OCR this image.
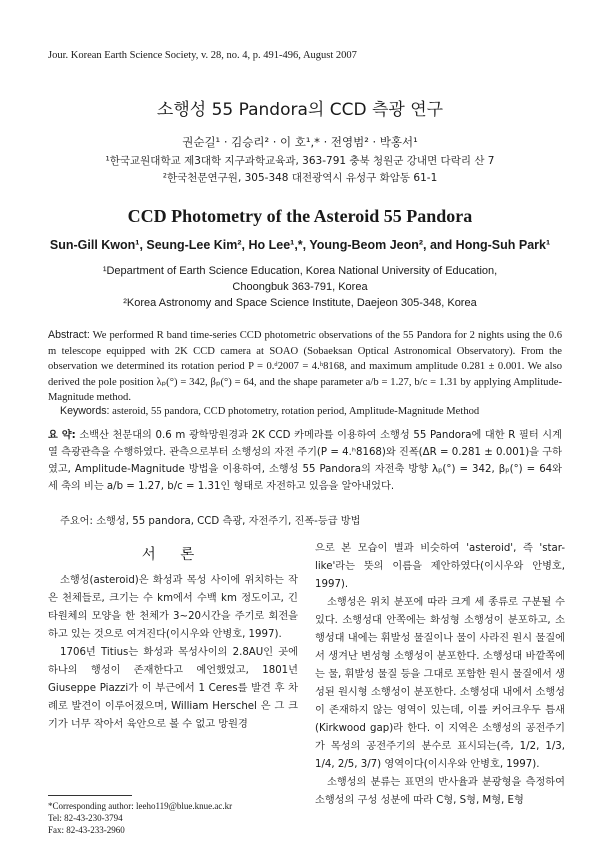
Jour. Korean Earth Science Society, v. 28, no. 4, p. 491-496, August 2007
소행성 55 Pandora의 CCD 측광 연구
권순길¹ · 김승리² · 이 호¹,* · 전영범² · 박홍서¹
¹한국교원대학교 제3대학 지구과학교육과, 363-791 충북 청원군 강내면 다락리 산 7
²한국천문연구원, 305-348 대전광역시 유성구 화암동 61-1
CCD Photometry of the Asteroid 55 Pandora
Sun-Gill Kwon¹, Seung-Lee Kim², Ho Lee¹,*, Young-Beom Jeon², and Hong-Suh Park¹
¹Department of Earth Science Education, Korea National University of Education,
Choongbuk 363-791, Korea
²Korea Astronomy and Space Science Institute, Daejeon 305-348, Korea
Abstract: We performed R band time-series CCD photometric observations of the 55 Pandora for 2 nights using the 0.6 m telescope equipped with 2K CCD camera at SOAO (Sobaeksan Optical Astronomical Observatory). From the observation we determined its rotation period P = 0.ᵈ2007 = 4.ʰ8168, and maximum amplitude 0.281 ± 0.001. We also derived the pole position λₚ(°) = 342, βₚ(°) = 64, and the shape parameter a/b = 1.27, b/c = 1.31 by applying Amplitude-Magnitude method.
Keywords: asteroid, 55 pandora, CCD photometry, rotation period, Amplitude-Magnitude Method
요 약: 소백산 천문대의 0.6 m 광학망원경과 2K CCD 카메라를 이용하여 소행성 55 Pandora에 대한 R 필터 시계열 측광관측을 수행하였다. 관측으로부터 소행성의 자전 주기(P = 4.ʰ8168)와 진폭(ΔR = 0.281 ± 0.001)을 구하였고, Amplitude-Magnitude 방법을 이용하여, 소행성 55 Pandora의 자전축 방향 λₚ(°) = 342, βₚ(°) = 64와 세 축의 비는 a/b = 1.27, b/c = 1.31인 형태로 자전하고 있음을 알아내었다.
주요어: 소행성, 55 pandora, CCD 측광, 자전주기, 진폭-등급 방법
서 론

소행성(asteroid)은 화성과 목성 사이에 위치하는 작은 천체들로, 크기는 수 km에서 수백 km 정도이고, 긴 타원체의 모양을 한 천체가 3~20시간을 주기로 회전을 하고 있는 것으로 여겨진다(이시우와 안병호, 1997).

1706년 Titius는 화성과 목성사이의 2.8AU인 곳에 하나의 행성이 존재한다고 예언했었고, 1801년 Giuseppe Piazzi가 이 부근에서 1 Ceres를 발견 후 차례로 발견이 이루어졌으며, William Herschel 은 그 크기가 너무 작아서 육안으로 볼 수 없고 망원경

으로 본 모습이 별과 비슷하여 'asteroid', 즉 'star-like'라는 뜻의 이름을 제안하였다(이시우와 안병호, 1997).

소행성은 위치 분포에 따라 크게 세 종류로 구분될 수 있다. 소행성대 안쪽에는 화성형 소행성이 분포하고, 소행성대 내에는 휘발성 물질이나 물이 사라진 원시 물질에서 생겨난 변성형 소행성이 분포한다. 소행성대 바깥쪽에는 물, 휘발성 물질 등을 그대로 포함한 원시 물질에서 생성된 원시형 소행성이 분포한다. 소행성대 내에서 소행성이 존재하지 않는 영역이 있는데, 이를 커어크우두 틈새(Kirkwood gap)라 한다. 이 지역은 소행성의 공전주기가 목성의 공전주기의 분수로 표시되는(즉, 1/2, 1/3, 1/4, 2/5, 3/7) 영역이다(이시우와 안병호, 1997).

소행성의 분류는 표면의 반사율과 분광형을 측정하여 소행성의 구성 성분에 따라 C형, S형, M형, E형

*Corresponding author: leeho119@blue.knue.ac.kr
Tel: 82-43-230-3794
Fax: 82-43-233-2960
